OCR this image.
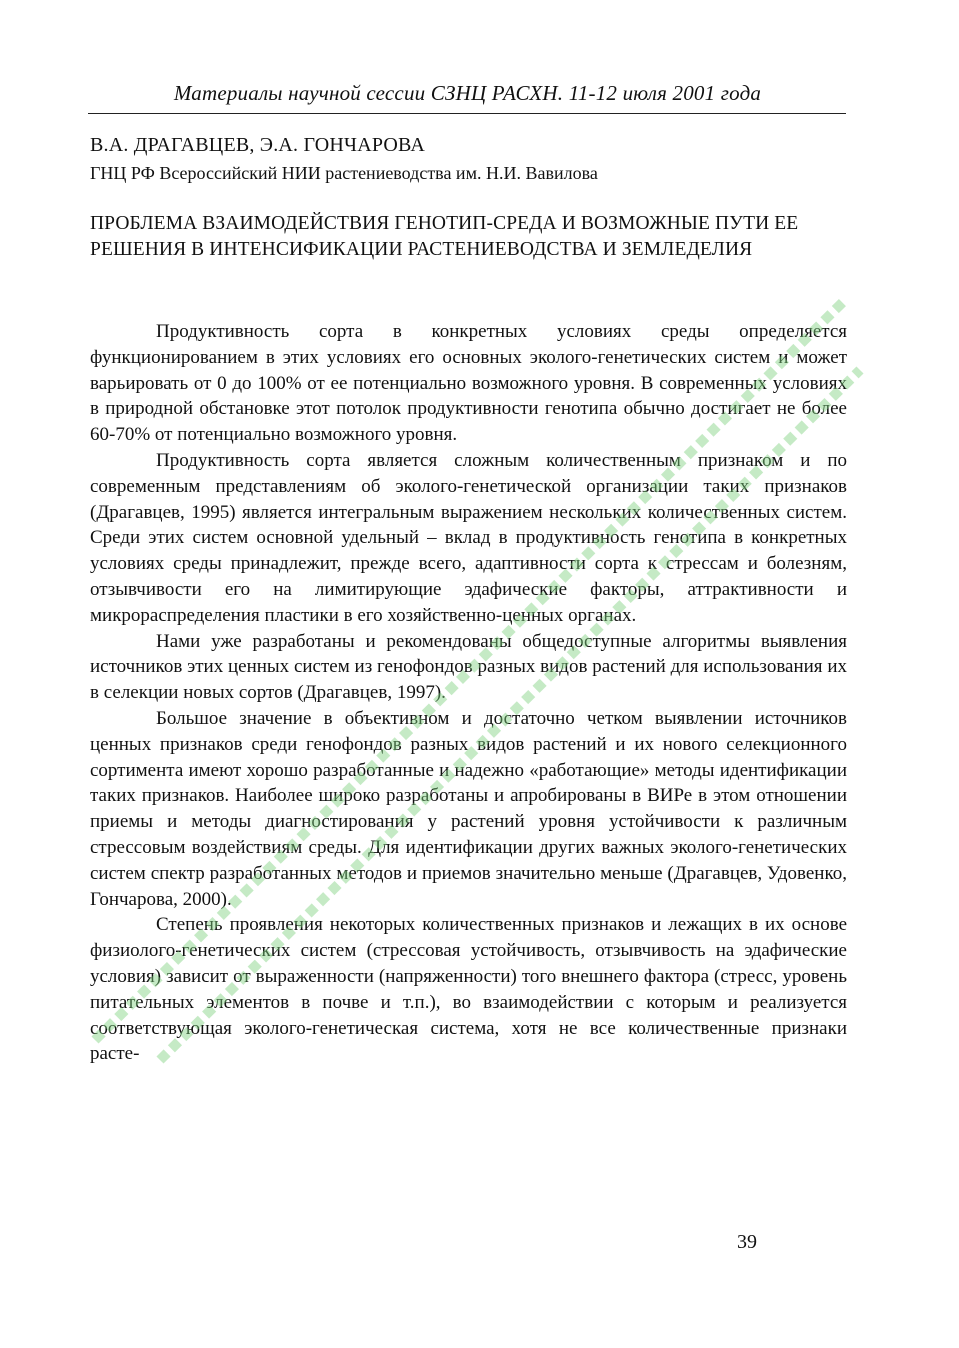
Материалы научной сессии СЗНЦ РАСХН. 11-12 июля 2001 года
В.А. ДРАГАВЦЕВ, Э.А. ГОНЧАРОВА
ГНЦ РФ Всероссийский НИИ растениеводства им. Н.И. Вавилова
ПРОБЛЕМА ВЗАИМОДЕЙСТВИЯ ГЕНОТИП-СРЕДА И ВОЗМОЖНЫЕ ПУТИ ЕЕ РЕШЕНИЯ В ИНТЕНСИФИКАЦИИ РАСТЕНИЕВОДСТВА И ЗЕМЛЕДЕЛИЯ

Продуктивность сорта в конкретных условиях среды определяется функционированием в этих условиях его основных эколого-генетических систем и может варьировать от 0 до 100% от ее потенциально возможного уровня. В современных условиях в природной обстановке этот потолок продуктивности генотипа обычно достигает не более 60-70% от потенциально возможного уровня.

Продуктивность сорта является сложным количественным признаком и по современным представлениям об эколого-генетической организации таких признаков (Драгавцев, 1995) является интегральным выражением нескольких количественных систем. Среди этих систем основной удельный – вклад в продуктивность генотипа в конкретных условиях среды принадлежит, прежде всего, адаптивности сорта к стрессам и болезням, отзывчивости его на лимитирующие эдафические факторы, аттрактивности и микрораспределения пластики в его хозяйственно-ценных органах.

Нами уже разработаны и рекомендованы общедоступные алгоритмы выявления источников этих ценных систем из генофондов разных видов растений для использования их в селекции новых сортов (Драгавцев, 1997).

Большое значение в объективном и достаточно четком выявлении источников ценных признаков среди генофондов разных видов растений и их нового селекционного сортимента имеют хорошо разработанные и надежно «работающие» методы идентификации таких признаков. Наиболее широко разработаны и апробированы в ВИРе в этом отношении приемы и методы диагностирования у растений уровня устойчивости к различным стрессовым воздействиям среды. Для идентификации других важных эколого-генетических систем спектр разработанных методов и приемов значительно меньше (Драгавцев, Удовенко, Гончарова, 2000).

Степень проявления некоторых количественных признаков и лежащих в их основе физиолого-генетических систем (стрессовая устойчивость, отзывчивость на эдафические условия) зависит от выраженности (напряженности) того внешнего фактора (стресс, уровень питательных элементов в почве и т.п.), во взаимодействии с которым и реализуется соответствующая эколого-генетическая система, хотя не все количественные признаки расте-

39
